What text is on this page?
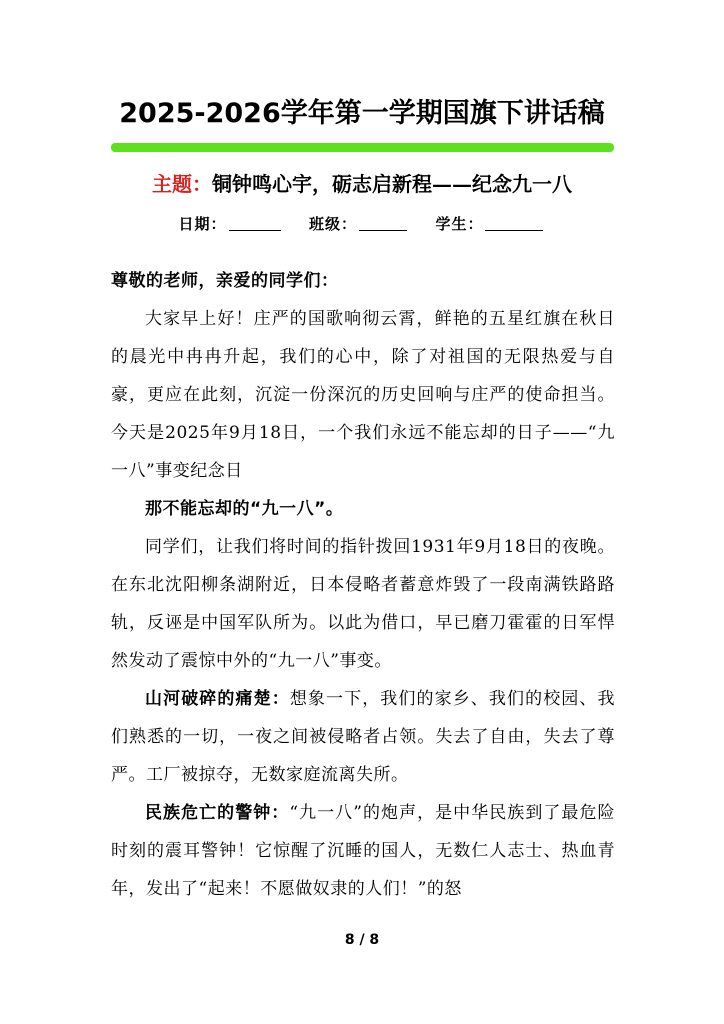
2025-2026学年第一学期国旗下讲话稿
主题：铜钟鸣心宇，砺志启新程——纪念九一八
日期：	班级：	学生：

尊敬的老师，亲爱的同学们：

大家早上好！庄严的国歌响彻云霄，鲜艳的五星红旗在秋日的晨光中冉冉升起，我们的心中，除了对祖国的无限热爱与自豪，更应在此刻，沉淀一份深沉的历史回响与庄严的使命担当。今天是2025年9月18日，一个我们永远不能忘却的日子——“九一八”事变纪念日

那不能忘却的“九一八”。

同学们，让我们将时间的指针拨回1931年9月18日的夜晚。在东北沈阳柳条湖附近，日本侵略者蓄意炸毁了一段南满铁路路轨，反诬是中国军队所为。以此为借口，早已磨刀霍霍的日军悍然发动了震惊中外的“九一八”事变。

山河破碎的痛楚：想象一下，我们的家乡、我们的校园、我们熟悉的一切，一夜之间被侵略者占领。失去了自由，失去了尊严。工厂被掠夺，无数家庭流离失所。

民族危亡的警钟：“九一八”的炮声，是中华民族到了最危险时刻的震耳警钟！它惊醒了沉睡的国人，无数仁人志士、热血青年，发出了“起来！不愿做奴隶的人们！”的怒

8 / 8
